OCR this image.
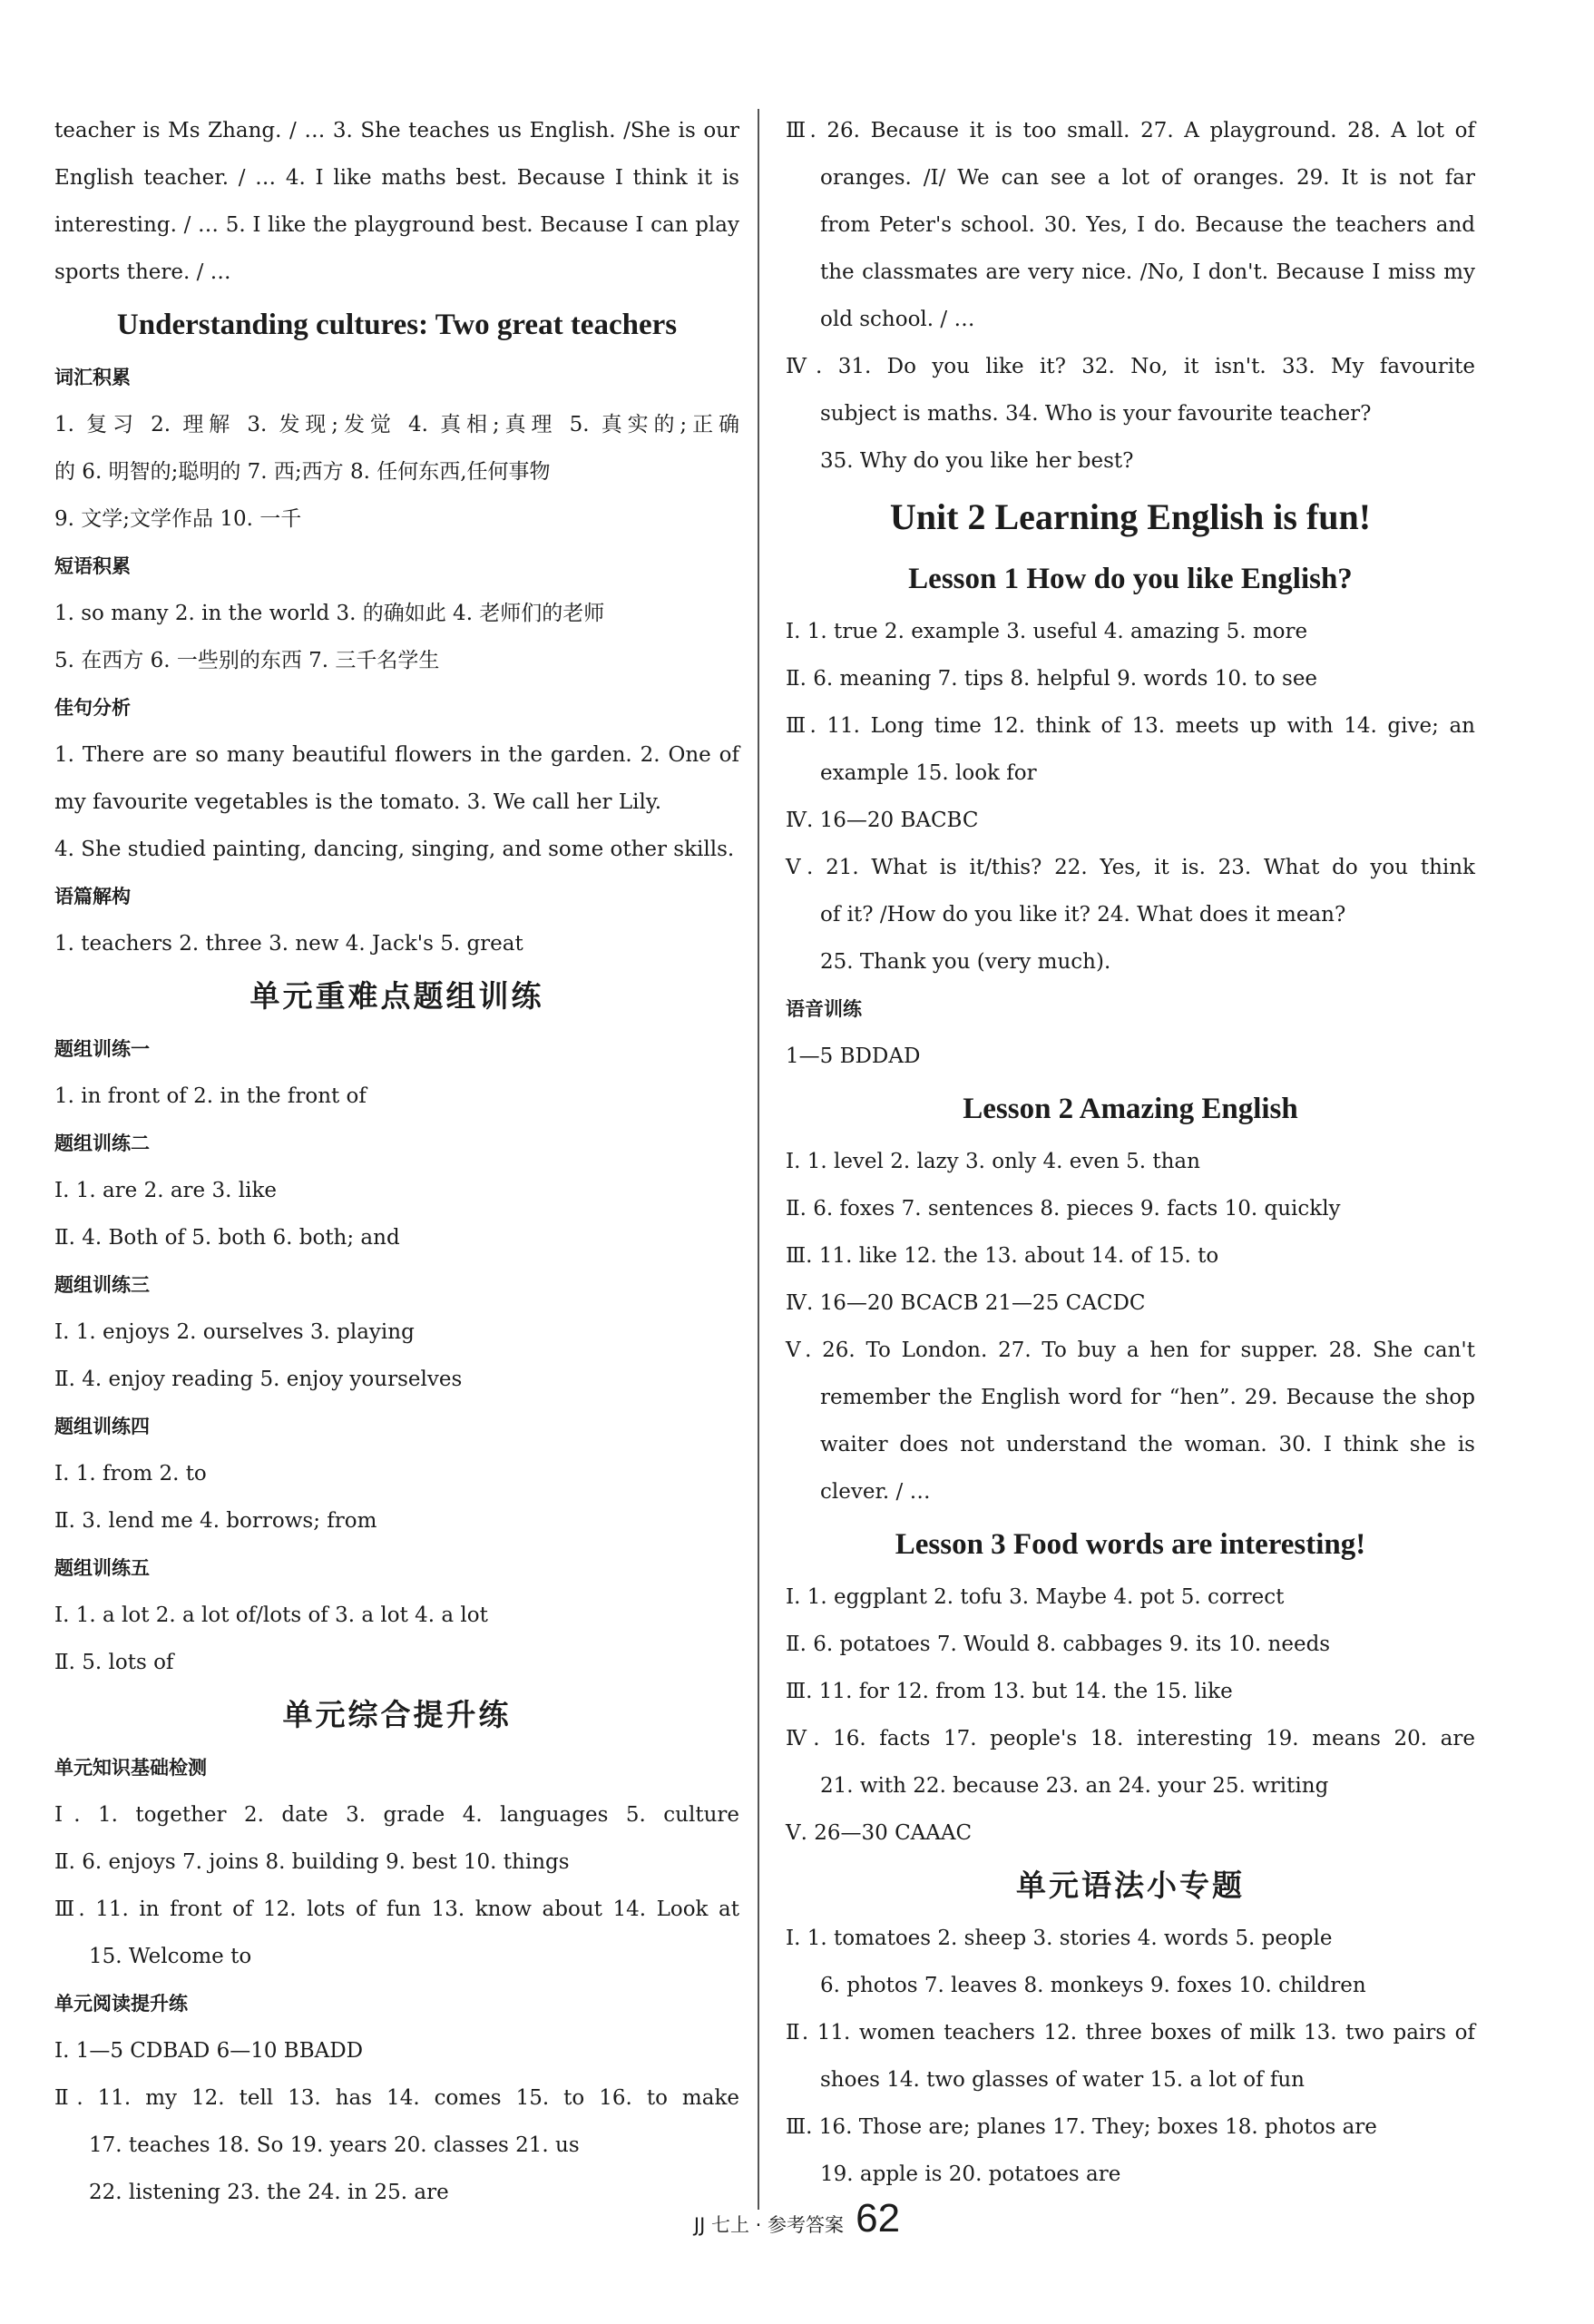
teacher is Ms Zhang. / … 3. She teaches us English. /She is our
English teacher. / … 4. I like maths best. Because I think it is
interesting. / … 5. I like the playground best. Because I can play
sports there. / …
Understanding cultures: Two great teachers
词汇积累
1. 复习 2. 理解 3. 发现;发觉 4. 真相;真理 5. 真实的;正确
的 6. 明智的;聪明的 7. 西;西方 8. 任何东西,任何事物
9. 文学;文学作品 10. 一千
短语积累
1. so many 2. in the world 3. 的确如此 4. 老师们的老师
5. 在西方 6. 一些别的东西 7. 三千名学生
佳句分析
1. There are so many beautiful flowers in the garden. 2. One of
my favourite vegetables is the tomato. 3. We call her Lily.
4. She studied painting, dancing, singing, and some other skills.
语篇解构
1. teachers 2. three 3. new 4. Jack's 5. great
单元重难点题组训练
题组训练一
1. in front of 2. in the front of
题组训练二
Ⅰ. 1. are 2. are 3. like
Ⅱ. 4. Both of 5. both 6. both; and
题组训练三
Ⅰ. 1. enjoys 2. ourselves 3. playing
Ⅱ. 4. enjoy reading 5. enjoy yourselves
题组训练四
Ⅰ. 1. from 2. to
Ⅱ. 3. lend me 4. borrows; from
题组训练五
Ⅰ. 1. a lot 2. a lot of/lots of 3. a lot 4. a lot
Ⅱ. 5. lots of
单元综合提升练
单元知识基础检测
Ⅰ. 1. together 2. date 3. grade 4. languages 5. culture
Ⅱ. 6. enjoys 7. joins 8. building 9. best 10. things
Ⅲ. 11. in front of 12. lots of fun 13. know about 14. Look at
15. Welcome to
单元阅读提升练
Ⅰ. 1—5 CDBAD 6—10 BBADD
Ⅱ. 11. my 12. tell 13. has 14. comes 15. to 16. to make
17. teaches 18. So 19. years 20. classes 21. us
22. listening 23. the 24. in 25. are
Ⅲ. 26. Because it is too small. 27. A playground. 28. A lot of
oranges. /I/ We can see a lot of oranges. 29. It is not far
from Peter's school. 30. Yes, I do. Because the teachers and
the classmates are very nice. /No, I don't. Because I miss my
old school. / …
Ⅳ. 31. Do you like it? 32. No, it isn't. 33. My favourite
subject is maths. 34. Who is your favourite teacher?
35. Why do you like her best?
Unit 2 Learning English is fun!
Lesson 1 How do you like English?
Ⅰ. 1. true 2. example 3. useful 4. amazing 5. more
Ⅱ. 6. meaning 7. tips 8. helpful 9. words 10. to see
Ⅲ. 11. Long time 12. think of 13. meets up with 14. give; an
example 15. look for
Ⅳ. 16—20 BACBC
Ⅴ. 21. What is it/this? 22. Yes, it is. 23. What do you think
of it? /How do you like it? 24. What does it mean?
25. Thank you (very much).
语音训练
1—5 BDDAD
Lesson 2 Amazing English
Ⅰ. 1. level 2. lazy 3. only 4. even 5. than
Ⅱ. 6. foxes 7. sentences 8. pieces 9. facts 10. quickly
Ⅲ. 11. like 12. the 13. about 14. of 15. to
Ⅳ. 16—20 BCACB 21—25 CACDC
Ⅴ. 26. To London. 27. To buy a hen for supper. 28. She can't
remember the English word for “hen”. 29. Because the shop
waiter does not understand the woman. 30. I think she is
clever. / …
Lesson 3 Food words are interesting!
Ⅰ. 1. eggplant 2. tofu 3. Maybe 4. pot 5. correct
Ⅱ. 6. potatoes 7. Would 8. cabbages 9. its 10. needs
Ⅲ. 11. for 12. from 13. but 14. the 15. like
Ⅳ. 16. facts 17. people's 18. interesting 19. means 20. are
21. with 22. because 23. an 24. your 25. writing
Ⅴ. 26—30 CAAAC
单元语法小专题
Ⅰ. 1. tomatoes 2. sheep 3. stories 4. words 5. people
6. photos 7. leaves 8. monkeys 9. foxes 10. children
Ⅱ. 11. women teachers 12. three boxes of milk 13. two pairs of
shoes 14. two glasses of water 15. a lot of fun
Ⅲ. 16. Those are; planes 17. They; boxes 18. photos are
19. apple is 20. potatoes are
JJ 七上 · 参考答案 62
